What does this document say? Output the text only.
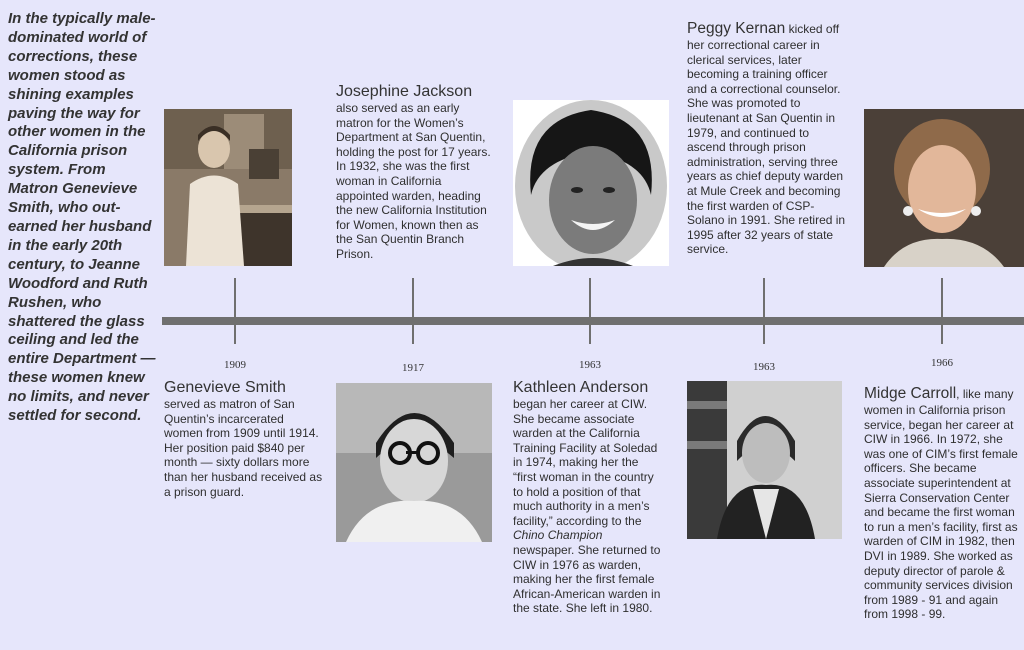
In the typically male-dominated world of corrections, these women stood as shining examples paving the way for other women in the California prison system. From Matron Genevieve Smith, who out-earned her husband in the early 20th century, to Jeanne Woodford and Ruth Rushen, who shattered the glass ceiling and led the entire Department — these women knew no limits, and never settled for second.
1909	1917	1963	1963	1966
Genevieve Smith
served as matron of San Quentin’s incarcerated women from 1909 until 1914. Her position paid $840 per month — sixty dollars more than her husband received as a prison guard.
Josephine Jackson
also served as an early matron for the Women’s Department at San Quentin, holding the post for 17 years. In 1932, she was the first woman in California appointed warden, heading the new California Institution for Women, known then as the San Quentin Branch Prison.
Kathleen Anderson
began her career at CIW. She became associate warden at the California Training Facility at Soledad in 1974, making her the “first woman in the country to hold a position of that much authority in a men’s facility,” according to the Chino Champion newspaper. She returned to CIW in 1976 as warden, making her the first female African-American warden in the state. She left in 1980.
Peggy Kernan kicked off her correctional career in clerical services, later becoming a training officer and a correctional counselor. She was promoted to lieutenant at San Quentin in 1979, and continued to ascend through prison administration, serving three years as chief deputy warden at Mule Creek and becoming the first warden of CSP-Solano in 1991. She retired in 1995 after 32 years of state service.
Midge Carroll, like many women in California prison service, began her career at CIW in 1966. In 1972, she was one of CIM’s first female officers. She became associate superintendent at Sierra Conservation Center and became the first woman to run a men’s facility, first as warden of CIM in 1982, then DVI in 1989. She worked as deputy director of parole & community services division from 1989 - 91 and again from 1998 - 99.
